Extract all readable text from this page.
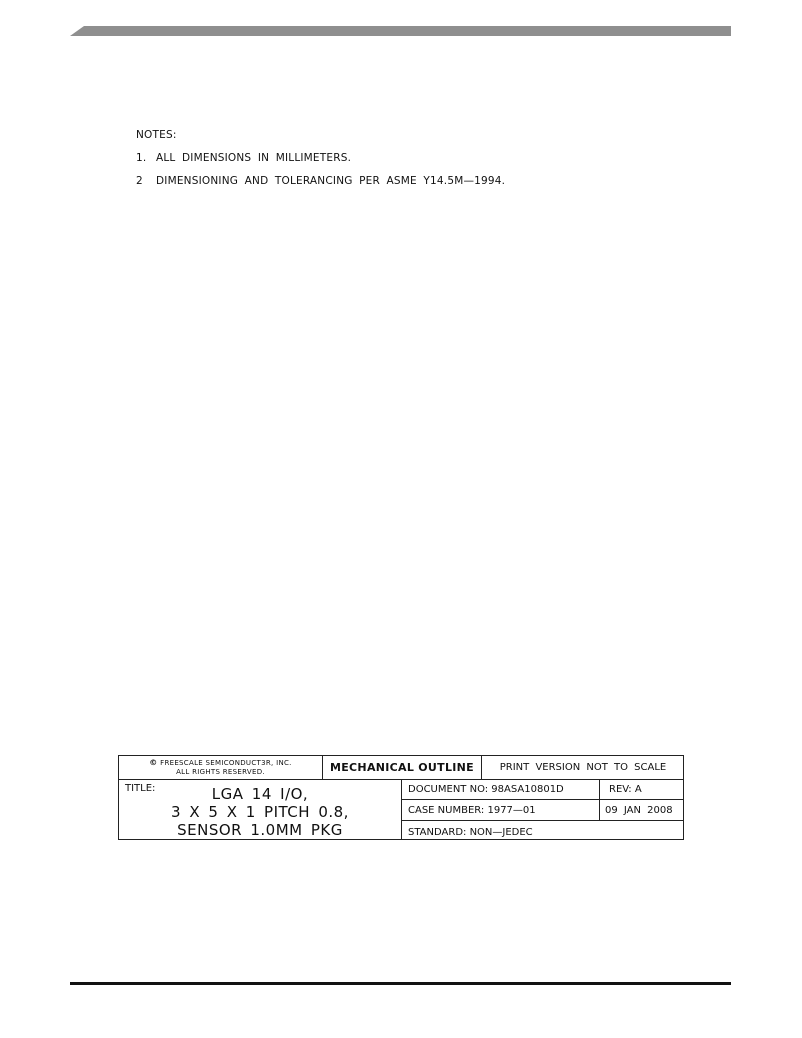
NOTES:
1. ALL DIMENSIONS IN MILLIMETERS.
2	DIMENSIONING AND TOLERANCING PER ASME Y14.5M—1994.
© FREESCALE SEMICONDUCT3R, INC.
ALL RIGHTS RESERVED.	MECHANICAL OUTLINE	PRINT VΕRSION NOT TO SCALE
TITLE:	LGA 14 I/O,
3 X 5 X 1 PITCH 0.8,
SENSOR 1.0MM PKG
DOCUMENT NO: 98ASA10801D	REV: A
CASE NUMBER: 1977—01	09 JAN 2008
STANDARD: NON—JEDEC
